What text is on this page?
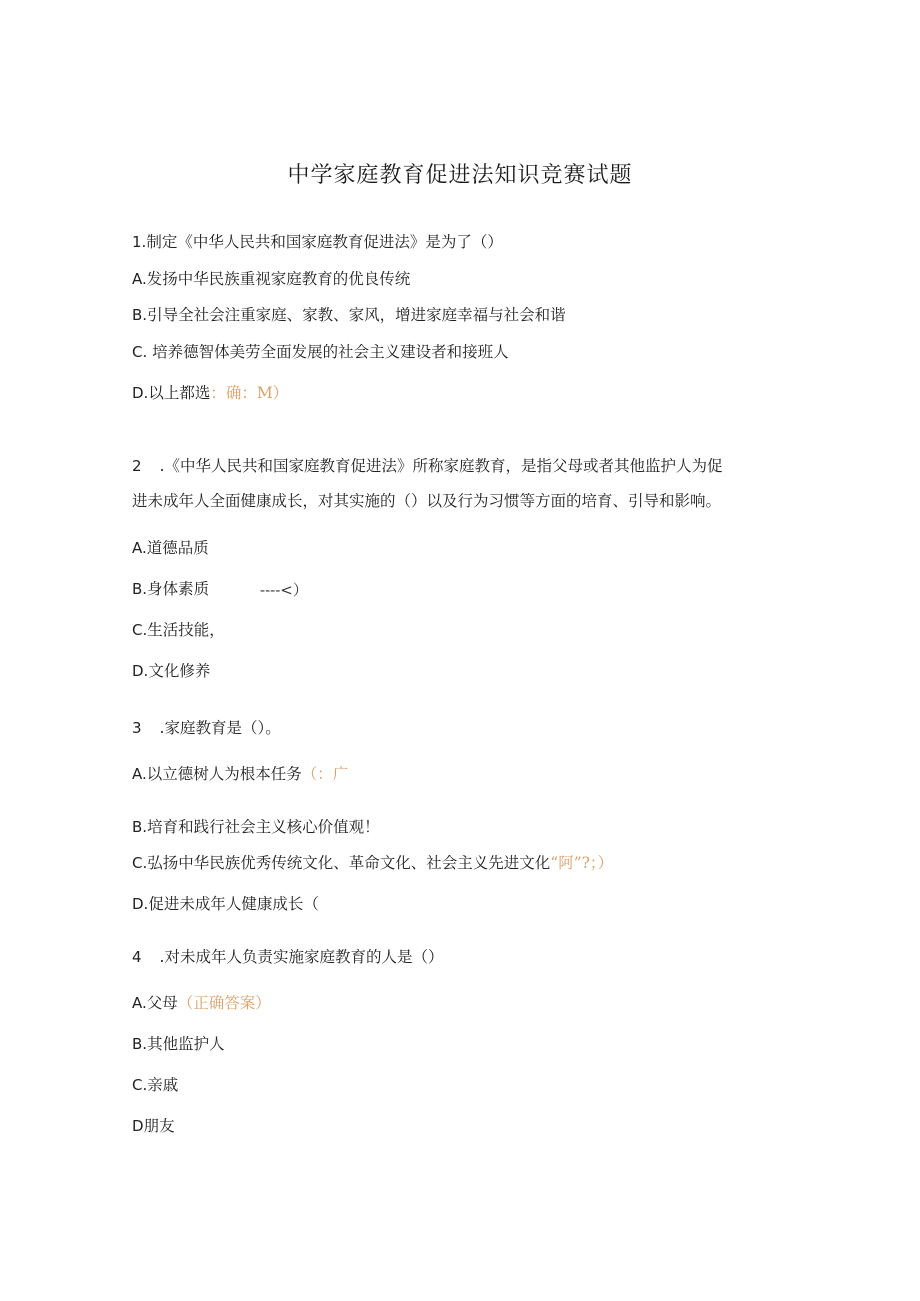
中学家庭教育促进法知识竞赛试题
1.制定《中华人民共和国家庭教育促进法》是为了（）
A.发扬中华民族重视家庭教育的优良传统
B.引导全社会注重家庭、家教、家风，增进家庭幸福与社会和谐
C. 培养德智体美劳全面发展的社会主义建设者和接班人
D.以上都选：确：M）
2 .《中华人民共和国家庭教育促进法》所称家庭教育，是指父母或者其他监护人为促
进未成年人全面健康成长，对其实施的（）以及行为习惯等方面的培育、引导和影响。
A.道德品质
B.身体素质	----<）
C.生活技能，
D.文化修养
3 .家庭教育是（）。
A.以立德树人为根本任务（：广
B.培育和践行社会主义核心价值观！
C.弘扬中华民族优秀传统文化、革命文化、社会主义先进文化“阿”?；）
D.促进未成年人健康成长（
4 .对未成年人负责实施家庭教育的人是（）
A.父母（正确答案）
B.其他监护人
C.亲戚
D朋友
